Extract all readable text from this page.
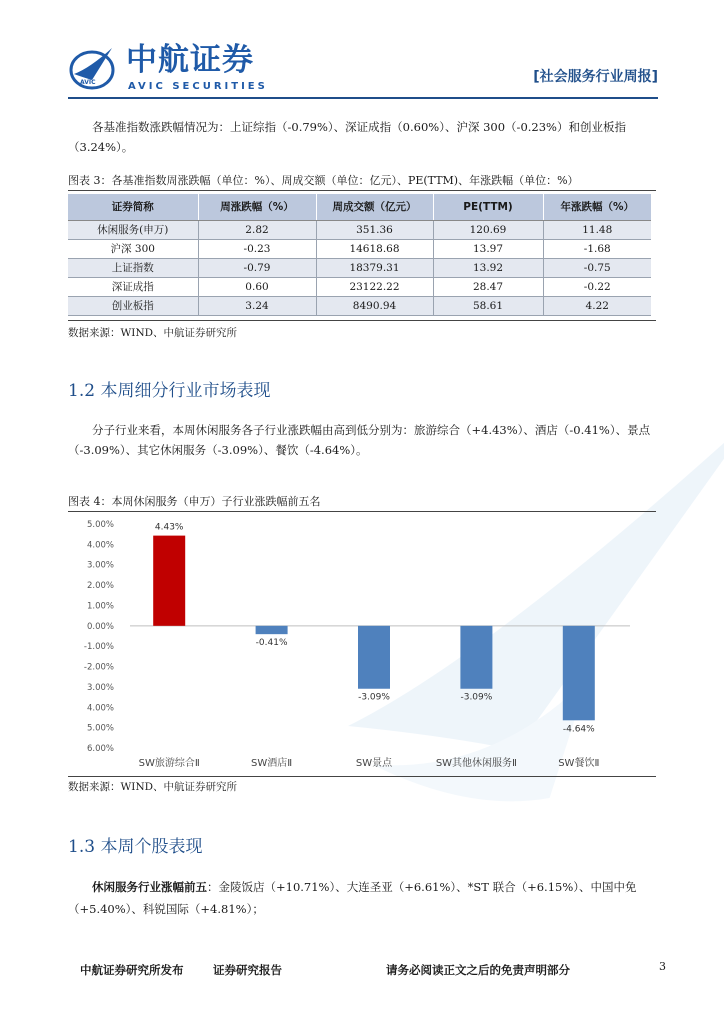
AVIC
中航证券
AVIC SECURITIES
[社会服务行业周报]
各基准指数涨跌幅情况为：上证综指（-0.79%）、深证成指（0.60%）、沪深 300（-0.23%）和创业板指（3.24%）。
图表 3：各基准指数周涨跌幅（单位：%）、周成交额（单位：亿元）、PE(TTM)、年涨跌幅（单位：%）
证券简称	周涨跌幅（%）	周成交额（亿元）	PE(TTM)	年涨跌幅（%）
休闲服务(申万)	2.82	351.36	120.69	11.48
沪深 300	-0.23	14618.68	13.97	-1.68
上证指数	-0.79	18379.31	13.92	-0.75
深证成指	0.60	23122.22	28.47	-0.22
创业板指	3.24	8490.94	58.61	4.22
数据来源：WIND、中航证券研究所
1.2 本周细分行业市场表现
分子行业来看，本周休闲服务各子行业涨跌幅由高到低分别为：旅游综合（+4.43%）、酒店（-0.41%）、景点（-3.09%）、其它休闲服务（-3.09%）、餐饮（-4.64%）。
图表 4：本周休闲服务（申万）子行业涨跌幅前五名
5.00%
4.00%
3.00%
2.00%
1.00%
0.00%
-1.00%
-2.00%
3.00%
4.00%
5.00%
6.00%
4.43%
SW旅游综合Ⅱ
-0.41%
SW酒店Ⅱ
-3.09%
SW景点
-3.09%
SW其他休闲服务Ⅱ
-4.64%
SW餐饮Ⅱ
数据来源：WIND、中航证券研究所
1.3 本周个股表现
休闲服务行业涨幅前五：金陵饭店（+10.71%）、大连圣亚（+6.61%）、*ST 联合（+6.15%）、中国中免（+5.40%）、科锐国际（+4.81%）；
中航证券研究所发布	证券研究报告	请务必阅读正文之后的免责声明部分	3
